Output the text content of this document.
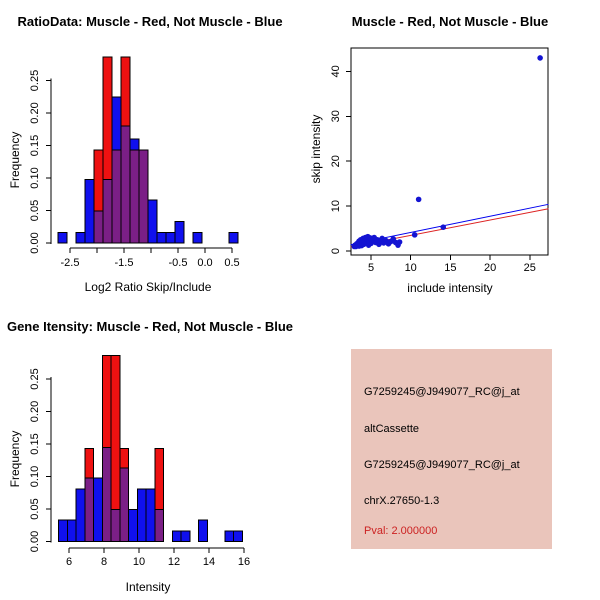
RatioData: Muscle - Red, Not Muscle - Blue
0.00
0.05
0.10
0.15
0.20
0.25
-2.5	-1.5	-0.5 0.0 0.5
Frequency
Log2 Ratio Skip/Include
Muscle - Red, Not Muscle - Blue
5	10 15 20 25
0
10
20
30
40
skip intensity
include intensity
Gene Itensity: Muscle - Red, Not Muscle - Blue
0.00
0.05
0.10
0.15
0.20
0.25
6	8 10 12 14 16
Frequency
Intensity
G7259245@J949077_RC@j_at
altCassette
G7259245@J949077_RC@j_at
chrX.27650-1.3
Pval: 2.000000
